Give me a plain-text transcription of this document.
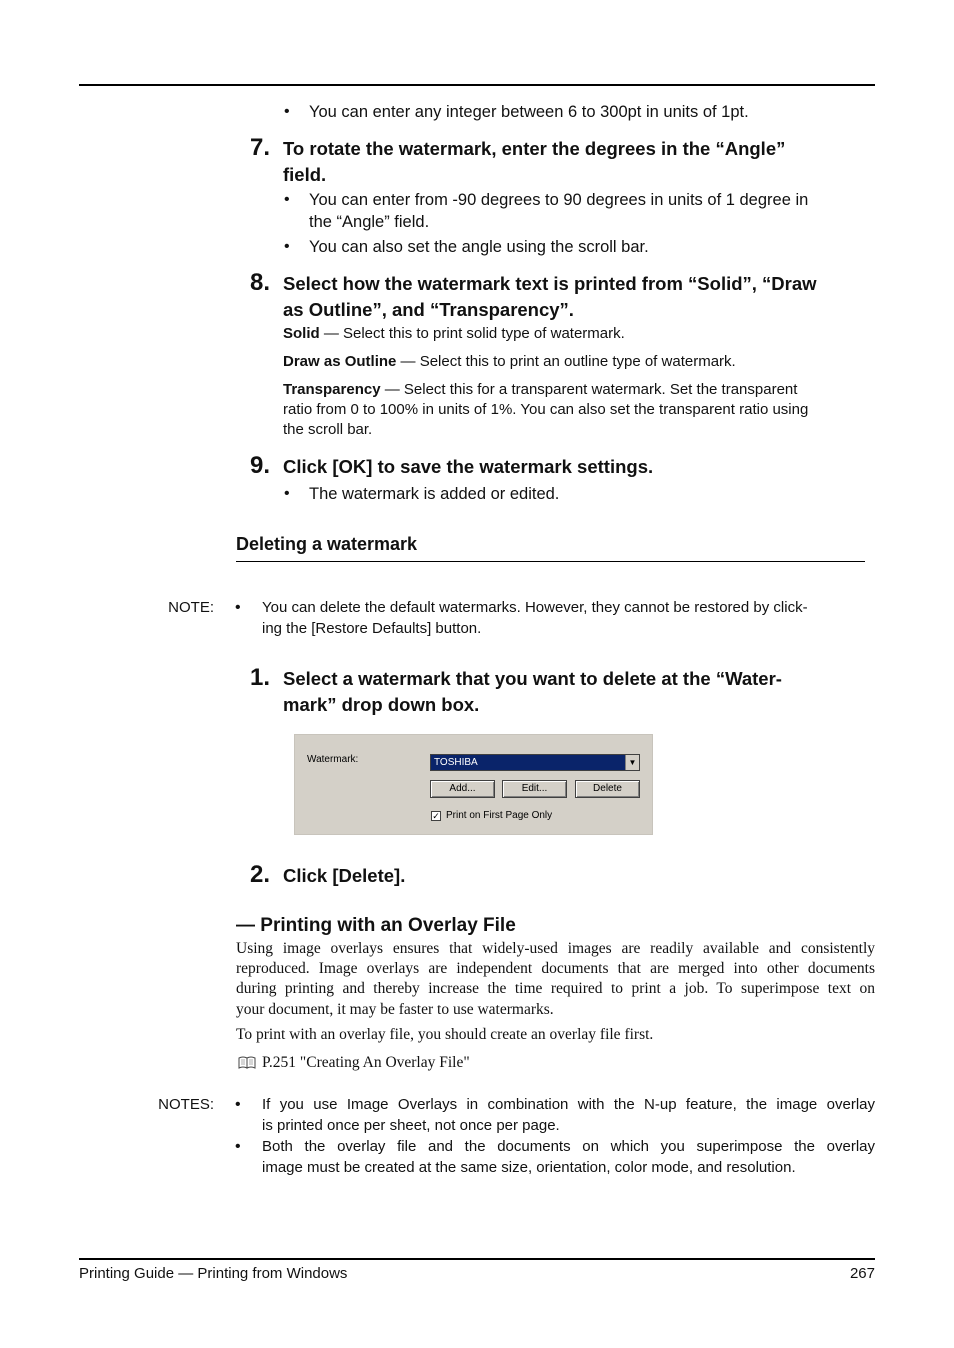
•	You can enter any integer between 6 to 300pt in units of 1pt.
7. To rotate the watermark, enter the degrees in the “Angle”
field.
•	You can enter from -90 degrees to 90 degrees in units of 1 degree in
the “Angle” field.
•	You can also set the angle using the scroll bar.
8. Select how the watermark text is printed from “Solid”, “Draw
as Outline”, and “Transparency”.
Solid — Select this to print solid type of watermark.
Draw as Outline — Select this to print an outline type of watermark.
Transparency — Select this for a transparent watermark. Set the transparent
ratio from 0 to 100% in units of 1%. You can also set the transparent ratio using
the scroll bar.
9. Click [OK] to save the watermark settings.
•	The watermark is added or edited.
Deleting a watermark
NOTE: •	You can delete the default watermarks. However, they cannot be restored by click-
ing the [Restore Defaults] button.
1. Select a watermark that you want to delete at the “Water-
mark” drop down box.
Watermark:	TOSHIBA	▼
Add...	Edit...	Delete
✓ Print on First Page Only
2. Click [Delete].
— Printing with an Overlay File
Using image overlays ensures that widely-used images are readily available and consistently
reproduced. Image overlays are independent documents that are merged into other documents
during printing and thereby increase the time required to print a job. To superimpose text on
your document, it may be faster to use watermarks.
To print with an overlay file, you should create an overlay file first.
P.251 "Creating An Overlay File"
NOTES: •	If you use Image Overlays in combination with the N-up feature, the image overlay
is printed once per sheet, not once per page.
•	Both the overlay file and the documents on which you superimpose the overlay
image must be created at the same size, orientation, color mode, and resolution.
Printing Guide — Printing from Windows	267
